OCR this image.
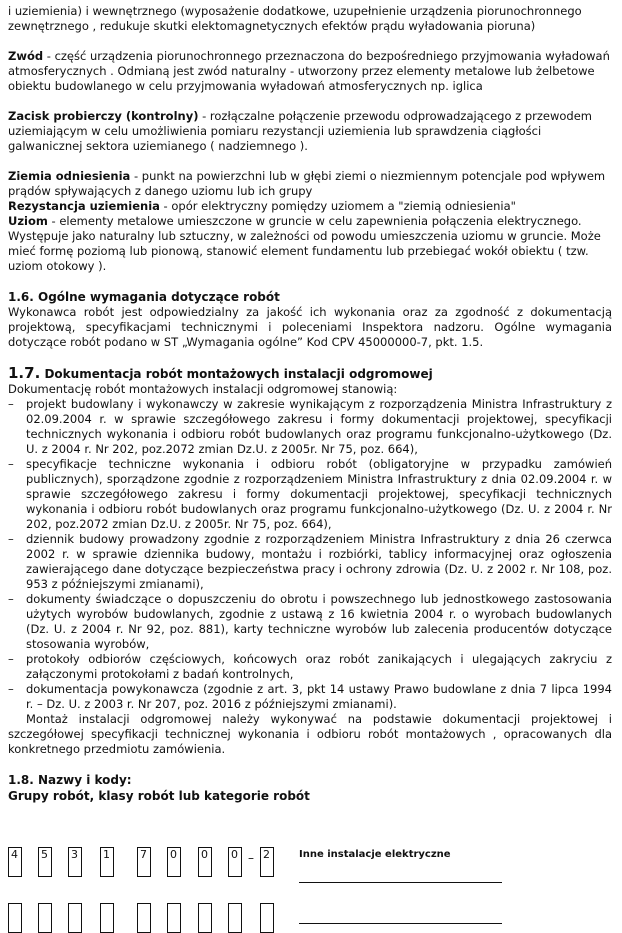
i uziemienia) i wewnętrznego (wyposażenie dodatkowe, uzupełnienie urządzenia piorunochronnego zewnętrznego , redukuje skutki elektomagnetycznych efektów prądu wyładowania pioruna)

Zwód - część urządzenia piorunochronnego przeznaczona do bezpośredniego przyjmowania wyładowań atmosferycznych . Odmianą jest zwód naturalny - utworzony przez elementy metalowe lub żelbetowe obiektu budowlanego w celu przyjmowania wyładowań atmosferycznych np. iglica

Zacisk probierczy (kontrolny) - rozłączalne połączenie przewodu odprowadzającego z przewodem uziemiającym w celu umożliwienia pomiaru rezystancji uziemienia lub sprawdzenia ciągłości galwanicznej sektora uziemianego ( nadziemnego ).

Ziemia odniesienia - punkt na powierzchni lub w głębi ziemi o niezmiennym potencjale pod wpływem prądów spływających z danego uziomu lub ich grupy

Rezystancja uziemienia - opór elektryczny pomiędzy uziomem a "ziemią odniesienia"

Uziom - elementy metalowe umieszczone w gruncie w celu zapewnienia połączenia elektrycznego. Występuje jako naturalny lub sztuczny, w zależności od powodu umieszczenia uziomu w gruncie. Może mieć formę poziomą lub pionową, stanowić element fundamentu lub przebiegać wokół obiektu ( tzw. uziom otokowy ).

1.6. Ogólne wymagania dotyczące robót

Wykonawca robót jest odpowiedzialny za jakość ich wykonania oraz za zgodność z dokumentacją projektową, specyfikacjami technicznymi i poleceniami Inspektora nadzoru. Ogólne wymagania dotyczące robót podano w ST „Wymagania ogólne” Kod CPV 45000000-7, pkt. 1.5.

1.7. Dokumentacja robót montażowych instalacji odgromowej

Dokumentację robót montażowych instalacji odgromowej stanowią:

– projekt budowlany i wykonawczy w zakresie wynikającym z rozporządzenia Ministra Infrastruktury z 02.09.2004 r. w sprawie szczegółowego zakresu i formy dokumentacji projektowej, specyfikacji technicznych wykonania i odbioru robót budowlanych oraz programu funkcjonalno-użytkowego (Dz. U. z 2004 r. Nr 202, poz.2072 zmian Dz.U. z 2005r. Nr 75, poz. 664),
– specyfikacje techniczne wykonania i odbioru robót (obligatoryjne w przypadku zamówień publicznych), sporządzone zgodnie z rozporządzeniem Ministra Infrastruktury z dnia 02.09.2004 r. w sprawie szczegółowego zakresu i formy dokumentacji projektowej, specyfikacji technicznych wykonania i odbioru robót budowlanych oraz programu funkcjonalno-użytkowego (Dz. U. z 2004 r. Nr 202, poz.2072 zmian Dz.U. z 2005r. Nr 75, poz. 664),
– dziennik budowy prowadzony zgodnie z rozporządzeniem Ministra Infrastruktury z dnia 26 czerwca 2002 r. w sprawie dziennika budowy, montażu i rozbiórki, tablicy informacyjnej oraz ogłoszenia zawierającego dane dotyczące bezpieczeństwa pracy i ochrony zdrowia (Dz. U. z 2002 r. Nr 108, poz. 953 z późniejszymi zmianami),
– dokumenty świadczące o dopuszczeniu do obrotu i powszechnego lub jednostkowego zastosowania użytych wyrobów budowlanych, zgodnie z ustawą z 16 kwietnia 2004 r. o wyrobach budowlanych (Dz. U. z 2004 r. Nr 92, poz. 881), karty techniczne wyrobów lub zalecenia producentów dotyczące stosowania wyrobów,
– protokoły odbiorów częściowych, końcowych oraz robót zanikających i ulegających zakryciu z załączonymi protokołami z badań kontrolnych,
– dokumentacja powykonawcza (zgodnie z art. 3, pkt 14 ustawy Prawo budowlane z dnia 7 lipca 1994 r. – Dz. U. z 2003 r. Nr 207, poz. 2016 z późniejszymi zmianami).

Montaż instalacji odgromowej należy wykonywać na podstawie dokumentacji projektowej i szczegółowej specyfikacji technicznej wykonania i odbioru robót montażowych , opracowanych dla konkretnego przedmiotu zamówienia.

1.8. Nazwy i kody:

Grupy robót, klasy robót lub kategorie robót

4	5	3	1	7	0	0	0 – 2	Inne instalacje elektryczne
